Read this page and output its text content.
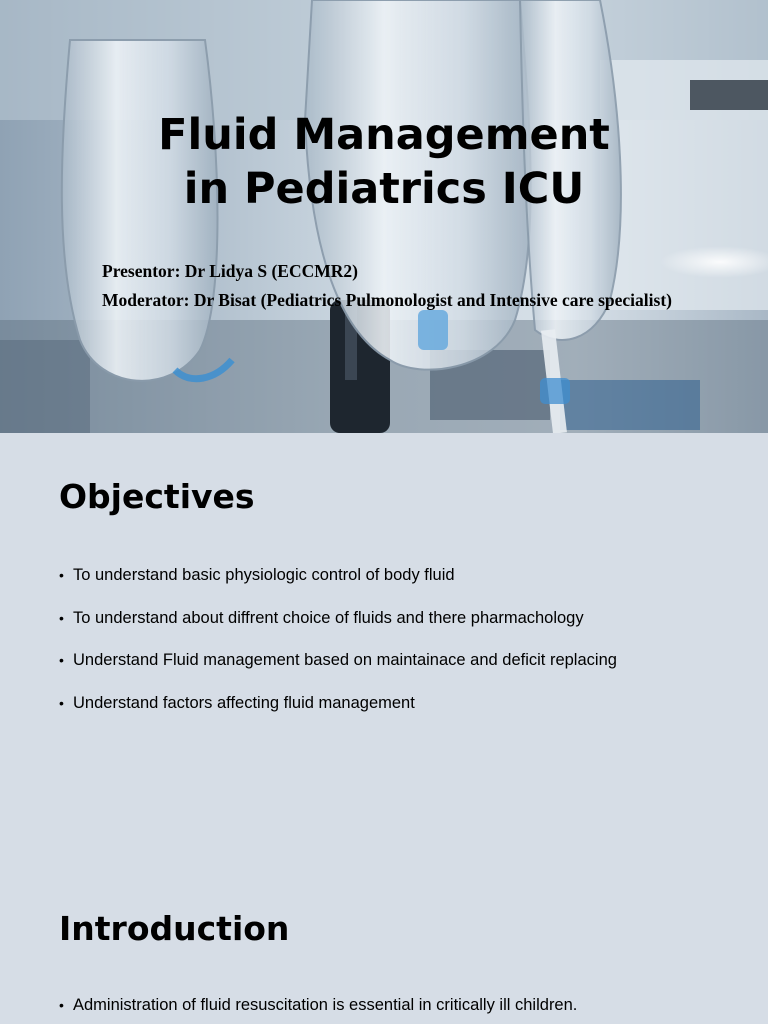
Fluid Management
in Pediatrics ICU
Presentor: Dr Lidya S (ECCMR2)
Moderator: Dr Bisat (Pediatrics Pulmonologist and Intensive care specialist)
Objectives
• To understand basic physiologic control of body fluid
• To understand about diffrent choice of fluids and there pharmachology
• Understand Fluid management based on maintainace and deficit replacing
• Understand factors affecting fluid management
Introduction
• Administration of fluid resuscitation is essential in critically ill children.
